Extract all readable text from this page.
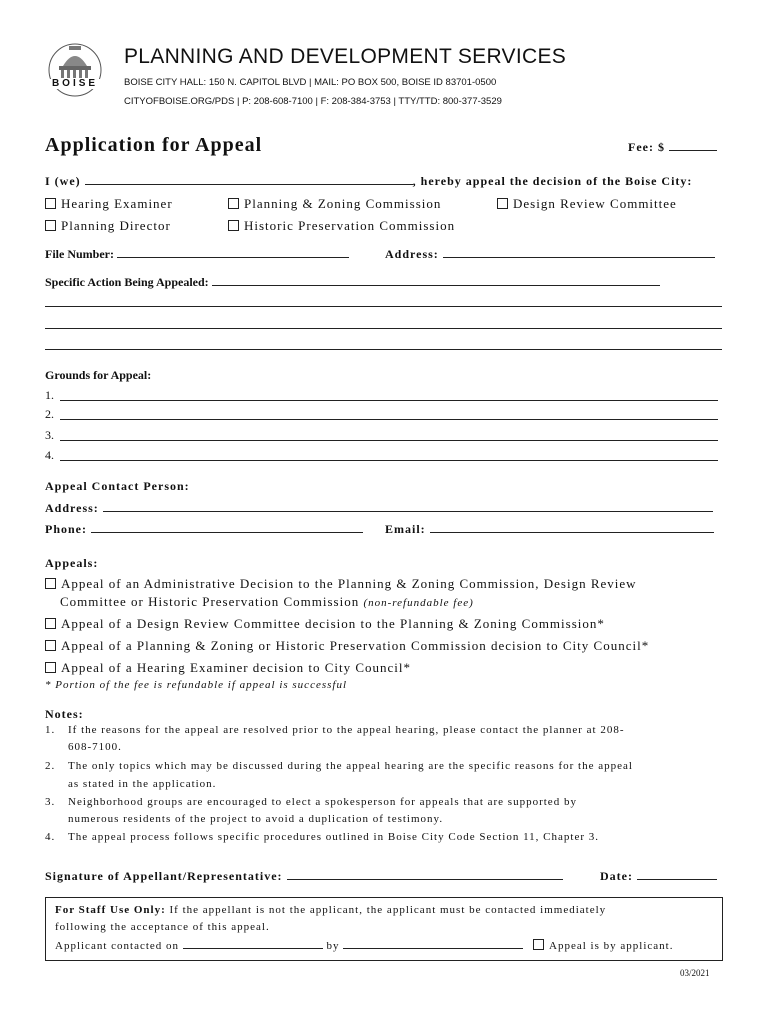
BOISE
PLANNING AND DEVELOPMENT SERVICES
BOISE CITY HALL: 150 N. CAPITOL BLVD | MAIL: PO BOX 500, BOISE ID 83701-0500
CITYOFBOISE.ORG/PDS | P: 208-608-7100 | F: 208-384-3753 | TTY/TTD: 800-377-3529
Application for Appeal	Fee: $
I (we)	, hereby appeal the decision of the Boise City:
Hearing Examiner	Planning & Zoning Commission	Design Review Committee
Planning Director	Historic Preservation Commission
File Number:	Address:
Specific Action Being Appealed:
Grounds for Appeal:
1.
2.
3.
4.
Appeal Contact Person:
Address:
Phone:	Email:
Appeals:
Appeal of an Administrative Decision to the Planning & Zoning Commission, Design Review
Committee or Historic Preservation Commission (non-refundable fee)
Appeal of a Design Review Committee decision to the Planning & Zoning Commission*
Appeal of a Planning & Zoning or Historic Preservation Commission decision to City Council*
Appeal of a Hearing Examiner decision to City Council*
* Portion of the fee is refundable if appeal is successful
Notes:
1. If the reasons for the appeal are resolved prior to the appeal hearing, please contact the planner at 208-
608-7100.
2. The only topics which may be discussed during the appeal hearing are the specific reasons for the appeal
as stated in the application.
3. Neighborhood groups are encouraged to elect a spokesperson for appeals that are supported by
numerous residents of the project to avoid a duplication of testimony.
4. The appeal process follows specific procedures outlined in Boise City Code Section 11, Chapter 3.
Signature of Appellant/Representative:	Date:
For Staff Use Only: If the appellant is not the applicant, the applicant must be contacted immediately
following the acceptance of this appeal.
Applicant contacted on	by	Appeal is by applicant.
03/2021
